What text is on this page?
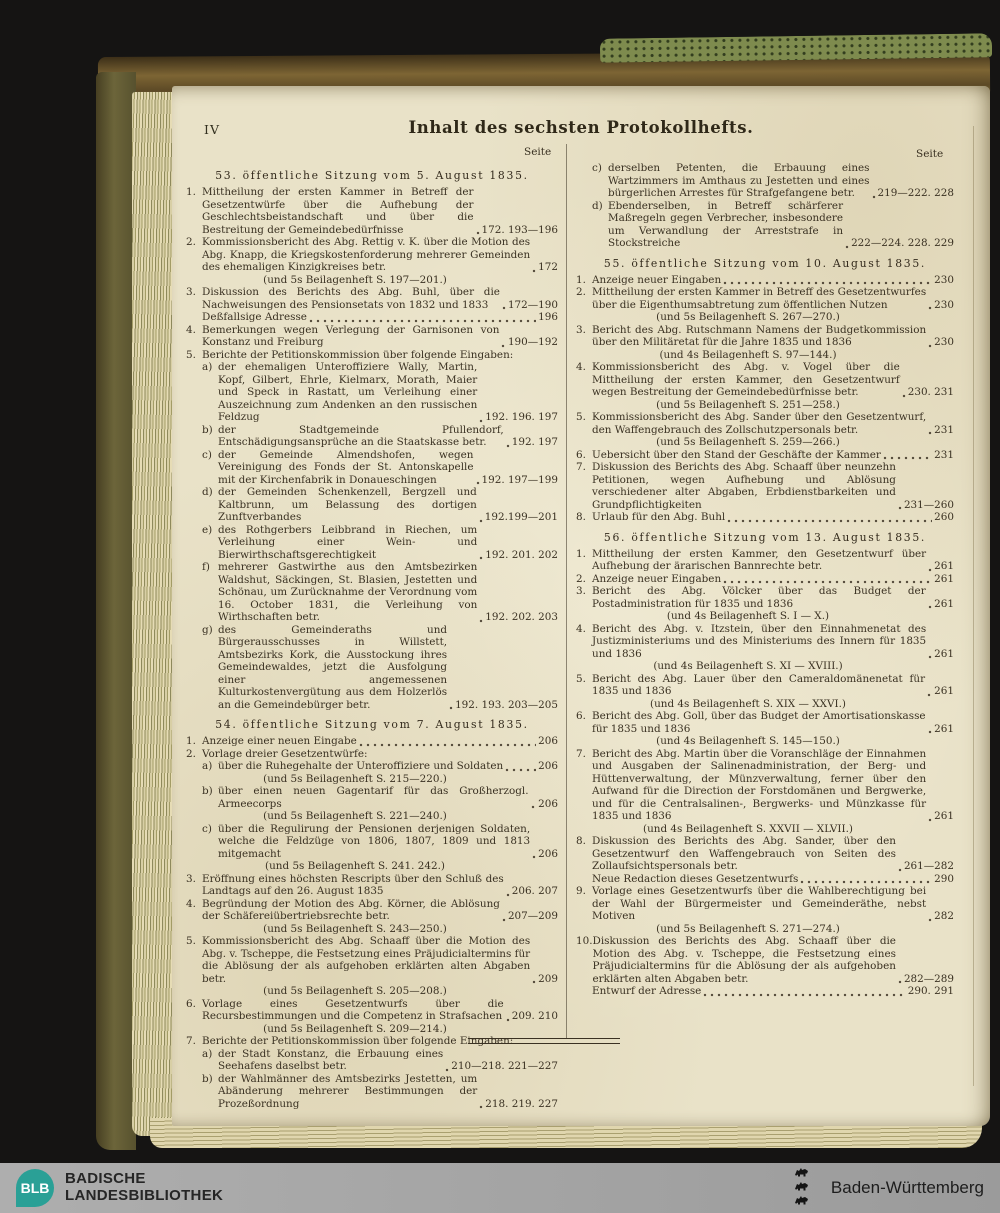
IV	Inhalt des sechsten Protokollhefts.
Seite	Seite
53. öffentliche Sitzung vom 5. August 1835.
1. Mittheilung der ersten Kammer in Betreff der Gesetzentwürfe über die Aufhebung der Geschlechtsbeistandschaft und über die Bestreitung der Gemeindebedürfnisse	172. 193—196
2. Kommissionsbericht des Abg. Rettig v. K. über die Motion des Abg. Knapp, die Kriegskostenforderung mehrerer Gemeinden des ehemaligen Kinzigkreises betr.	172
(und 5s Beilagenheft S. 197—201.)
3. Diskussion des Berichts des Abg. Buhl, über die Nachweisungen des Pensionsetats von 1832 und 1833	172—190
Deßfallsige Adresse	196
4. Bemerkungen wegen Verlegung der Garnisonen von Konstanz und Freiburg	190—192
5. Berichte der Petitionskommission über folgende Eingaben:
a) der ehemaligen Unteroffiziere Wally, Martin, Kopf, Gilbert, Ehrle, Kielmarx, Morath, Maier und Speck in Rastatt, um Verleihung einer Auszeichnung zum Andenken an den russischen Feldzug	192. 196. 197
b) der Stadtgemeinde Pfullendorf, Entschädigungsansprüche an die Staatskasse betr.	192. 197
c) der Gemeinde Almendshofen, wegen Vereinigung des Fonds der St. Antonskapelle mit der Kirchenfabrik in Donaueschingen	192. 197—199
d) der Gemeinden Schenkenzell, Bergzell und Kaltbrunn, um Belassung des dortigen Zunftverbandes	192.199—201
e) des Rothgerbers Leibbrand in Riechen, um Verleihung einer Wein- und Bierwirthschaftsgerechtigkeit	192. 201. 202
f) mehrerer Gastwirthe aus den Amtsbezirken Waldshut, Säckingen, St. Blasien, Jestetten und Schönau, um Zurücknahme der Verordnung vom 16. October 1831, die Verleihung von Wirthschaften betr.	192. 202. 203
g) des Gemeinderaths und Bürgerausschusses in Willstett, Amtsbezirks Kork, die Ausstockung ihres Gemeindewaldes, jetzt die Ausfolgung einer angemessenen Kulturkostenvergütung aus dem Holzerlös an die Gemeindebürger betr.	192. 193. 203—205
54. öffentliche Sitzung vom 7. August 1835.
1. Anzeige einer neuen Eingabe	206
2. Vorlage dreier Gesetzentwürfe:
a) über die Ruhegehalte der Unteroffiziere und Soldaten	206
(und 5s Beilagenheft S. 215—220.)
b) über einen neuen Gagentarif für das Großherzogl. Armeecorps	206
(und 5s Beilagenheft S. 221—240.)
c) über die Regulirung der Pensionen derjenigen Soldaten, welche die Feldzüge von 1806, 1807, 1809 und 1813 mitgemacht	206
(und 5s Beilagenheft S. 241. 242.)
3. Eröffnung eines höchsten Rescripts über den Schluß des Landtags auf den 26. August 1835	206. 207
4. Begründung der Motion des Abg. Körner, die Ablösung der Schäfereiübertriebsrechte betr.	207—209
(und 5s Beilagenheft S. 243—250.)
5. Kommissionsbericht des Abg. Schaaff über die Motion des Abg. v. Tscheppe, die Festsetzung eines Präjudicialtermins für die Ablösung der als aufgehoben erklärten alten Abgaben betr.	209
(und 5s Beilagenheft S. 205—208.)
6. Vorlage eines Gesetzentwurfs über die Recursbestimmungen und die Competenz in Strafsachen 209. 210
(und 5s Beilagenheft S. 209—214.)
7. Berichte der Petitionskommission über folgende Eingaben:
a) der Stadt Konstanz, die Erbauung eines Seehafens daselbst betr.	210—218. 221—227
b) der Wahlmänner des Amtsbezirks Jestetten, um Abänderung mehrerer Bestimmungen der Prozeßordnung	218. 219. 227
c) derselben Petenten, die Erbauung eines Wartzimmers im Amthaus zu Jestetten und eines bürgerlichen Arrestes für Strafgefangene betr.	219—222. 228
d) Ebenderselben, in Betreff schärferer Maßregeln gegen Verbrecher, insbesondere um Verwandlung der Arreststrafe in Stockstreiche	222—224. 228. 229
55. öffentliche Sitzung vom 10. August 1835.
1. Anzeige neuer Eingaben	230
2. Mittheilung der ersten Kammer in Betreff des Gesetzentwurfes über die Eigenthumsabtretung zum öffentlichen Nutzen	230
(und 5s Beilagenheft S. 267—270.)
3. Bericht des Abg. Rutschmann Namens der Budgetkommission über den Militäretat für die Jahre 1835 und 1836	230
(und 4s Beilagenheft S. 97—144.)
4. Kommissionsbericht des Abg. v. Vogel über die Mittheilung der ersten Kammer, den Gesetzentwurf wegen Bestreitung der Gemeindebedürfnisse betr.	230. 231
(und 5s Beilagenheft S. 251—258.)
5. Kommissionsbericht des Abg. Sander über den Gesetzentwurf, den Waffengebrauch des Zollschutzpersonals betr.	231
(und 5s Beilagenheft S. 259—266.)
6. Uebersicht über den Stand der Geschäfte der Kammer	231
7. Diskussion des Berichts des Abg. Schaaff über neunzehn Petitionen, wegen Aufhebung und Ablösung verschiedener alter Abgaben, Erbdienstbarkeiten und Grundpflichtigkeiten	231—260
8. Urlaub für den Abg. Buhl	260
56. öffentliche Sitzung vom 13. August 1835.
1. Mittheilung der ersten Kammer, den Gesetzentwurf über Aufhebung der ärarischen Bannrechte betr.	261
2. Anzeige neuer Eingaben	261
3. Bericht des Abg. Völcker über das Budget der Postadministration für 1835 und 1836	261
(und 4s Beilagenheft S. I — X.)
4. Bericht des Abg. v. Itzstein, über den Einnahmenetat des Justizministeriums und des Ministeriums des Innern für 1835 und 1836	261
(und 4s Beilagenheft S. XI — XVIII.)
5. Bericht des Abg. Lauer über den Cameraldomänenetat für 1835 und 1836	261
(und 4s Beilagenheft S. XIX — XXVI.)
6. Bericht des Abg. Goll, über das Budget der Amortisationskasse für 1835 und 1836	261
(und 4s Beilagenheft S. 145—150.)
7. Bericht des Abg. Martin über die Voranschläge der Einnahmen und Ausgaben der Salinenadministration, der Berg- und Hüttenverwaltung, der Münzverwaltung, ferner über den Aufwand für die Direction der Forstdomänen und Bergwerke, und für die Centralsalinen-, Bergwerks- und Münzkasse für 1835 und 1836	261
(und 4s Beilagenheft S. XXVII — XLVII.)
8. Diskussion des Berichts des Abg. Sander, über den Gesetzentwurf den Waffengebrauch von Seiten des Zollaufsichtspersonals betr.	261—282
Neue Redaction dieses Gesetzentwurfs	290
9. Vorlage eines Gesetzentwurfs über die Wahlberechtigung bei der Wahl der Bürgermeister und Gemeinderäthe, nebst Motiven	282
(und 5s Beilagenheft S. 271—274.)
10. Diskussion des Berichts des Abg. Schaaff über die Motion des Abg. v. Tscheppe, die Festsetzung eines Präjudicialtermins für die Ablösung der als aufgehoben erklärten alten Abgaben betr.	282—289
Entwurf der Adresse	290. 291
BLB
BADISCHE
LANDESBIBLIOTHEK	Baden-Württemberg
